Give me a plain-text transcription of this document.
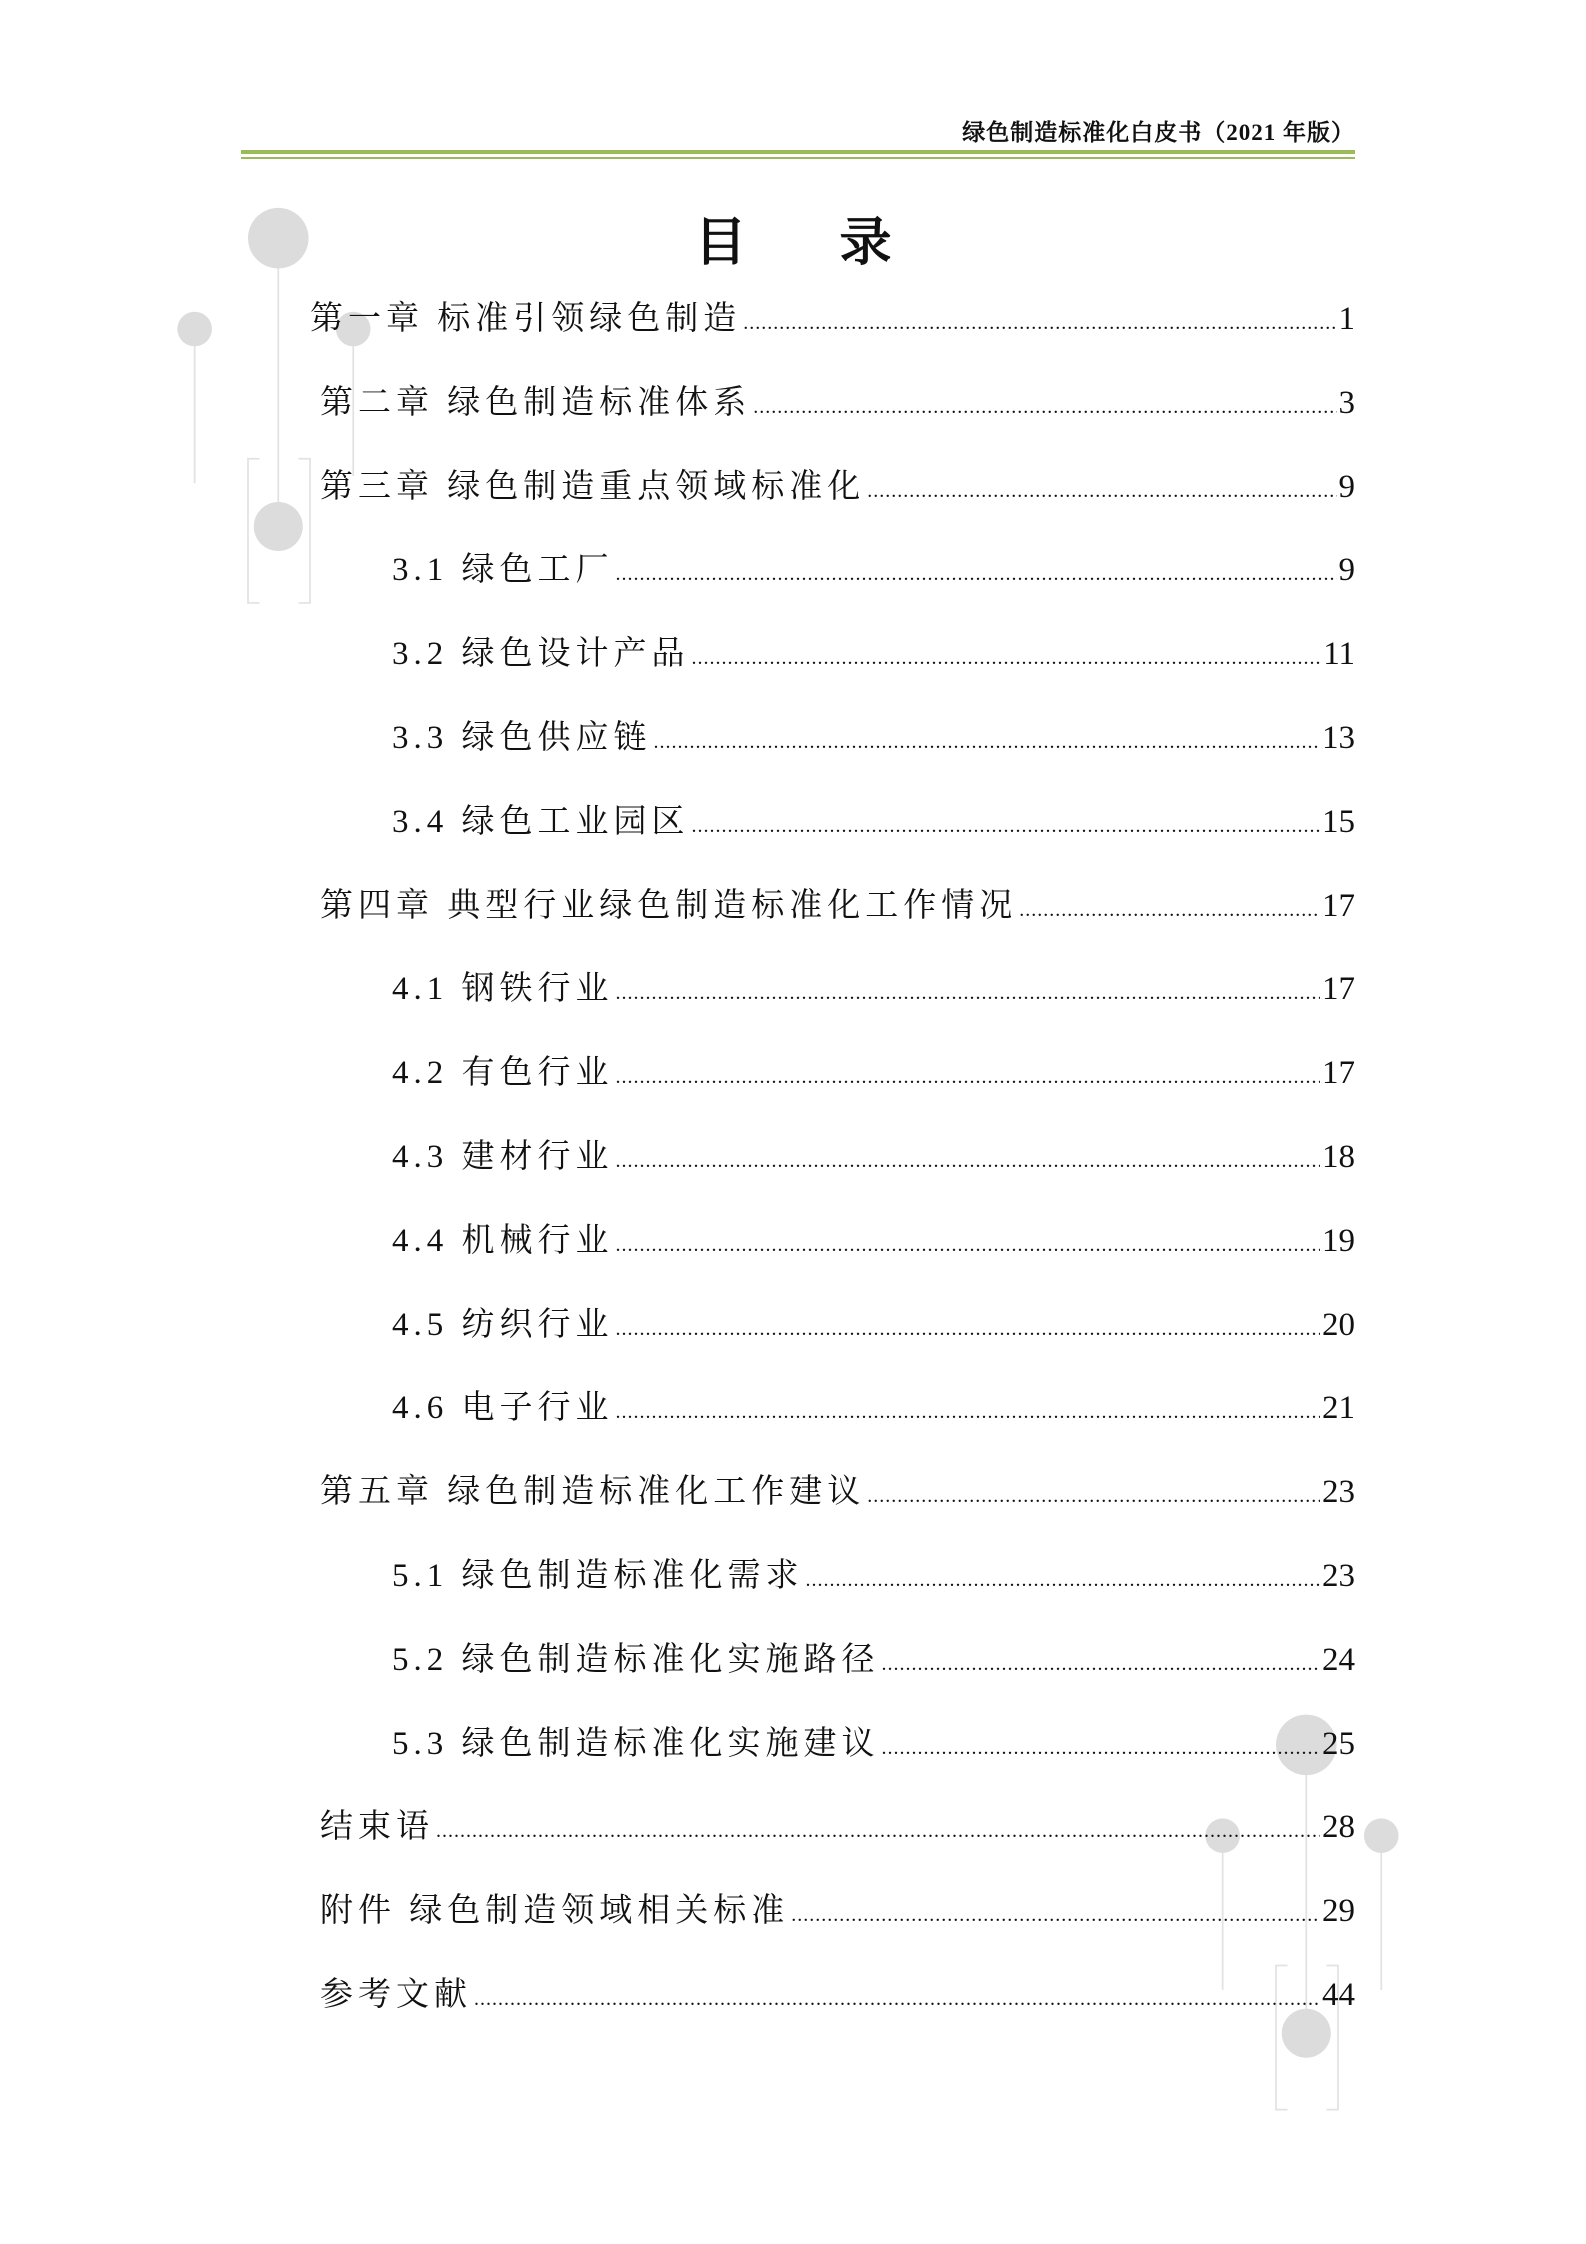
绿色制造标准化白皮书（2021 年版）
目 录
第一章 标准引领绿色制造 .....	1
第二章 绿色制造标准体系 .....	3
第三章 绿色制造重点领域标准化 .....	9
3.1 绿色工厂 .....	9
3.2 绿色设计产品 .....	11
3.3 绿色供应链 .....	13
3.4 绿色工业园区 .....	15
第四章 典型行业绿色制造标准化工作情况 .....	17
4.1 钢铁行业 .....	17
4.2 有色行业 .....	17
4.3 建材行业 .....	18
4.4 机械行业 .....	19
4.5 纺织行业 .....	20
4.6 电子行业 .....	21
第五章 绿色制造标准化工作建议 .....	23
5.1 绿色制造标准化需求 .....	23
5.2 绿色制造标准化实施路径 .....	24
5.3 绿色制造标准化实施建议 .....	25
结束语 .....	28
附件 绿色制造领域相关标准 .....	29
参考文献 .....	44
